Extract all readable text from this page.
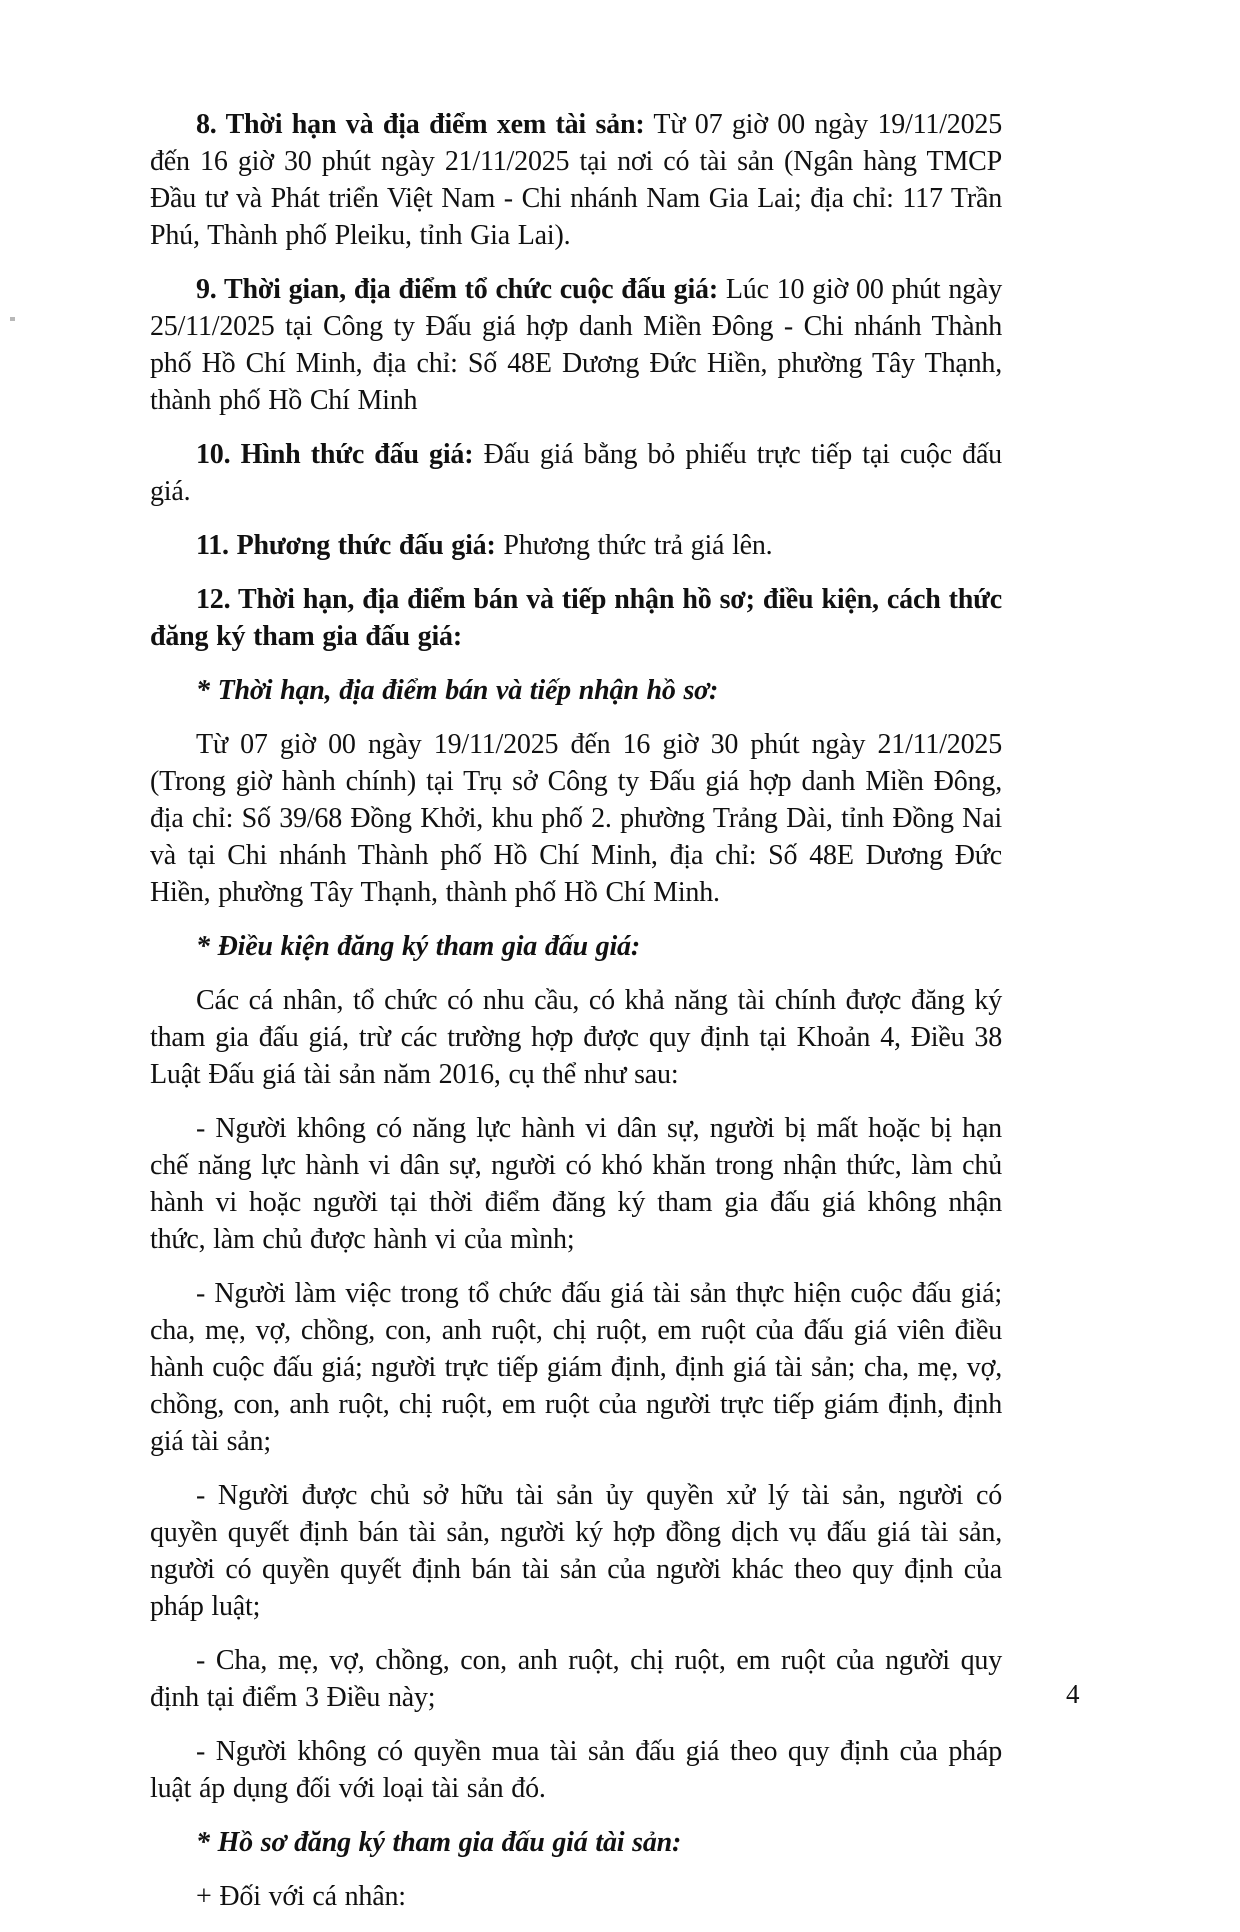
8. Thời hạn và địa điểm xem tài sản: Từ 07 giờ 00 ngày 19/11/2025 đến 16 giờ 30 phút ngày 21/11/2025 tại nơi có tài sản (Ngân hàng TMCP Đầu tư và Phát triển Việt Nam - Chi nhánh Nam Gia Lai; địa chỉ: 117 Trần Phú, Thành phố Pleiku, tỉnh Gia Lai).

9. Thời gian, địa điểm tổ chức cuộc đấu giá: Lúc 10 giờ 00 phút ngày 25/11/2025 tại Công ty Đấu giá hợp danh Miền Đông - Chi nhánh Thành phố Hồ Chí Minh, địa chỉ: Số 48E Dương Đức Hiền, phường Tây Thạnh, thành phố Hồ Chí Minh

10. Hình thức đấu giá: Đấu giá bằng bỏ phiếu trực tiếp tại cuộc đấu giá.

11. Phương thức đấu giá: Phương thức trả giá lên.

12. Thời hạn, địa điểm bán và tiếp nhận hồ sơ; điều kiện, cách thức đăng ký tham gia đấu giá:

* Thời hạn, địa điểm bán và tiếp nhận hồ sơ:

Từ 07 giờ 00 ngày 19/11/2025 đến 16 giờ 30 phút ngày 21/11/2025 (Trong giờ hành chính) tại Trụ sở Công ty Đấu giá hợp danh Miền Đông, địa chỉ: Số 39/68 Đồng Khởi, khu phố 2. phường Trảng Dài, tỉnh Đồng Nai và tại Chi nhánh Thành phố Hồ Chí Minh, địa chỉ: Số 48E Dương Đức Hiền, phường Tây Thạnh, thành phố Hồ Chí Minh.

* Điều kiện đăng ký tham gia đấu giá:

Các cá nhân, tổ chức có nhu cầu, có khả năng tài chính được đăng ký tham gia đấu giá, trừ các trường hợp được quy định tại Khoản 4, Điều 38 Luật Đấu giá tài sản năm 2016, cụ thể như sau:

- Người không có năng lực hành vi dân sự, người bị mất hoặc bị hạn chế năng lực hành vi dân sự, người có khó khăn trong nhận thức, làm chủ hành vi hoặc người tại thời điểm đăng ký tham gia đấu giá không nhận thức, làm chủ được hành vi của mình;

- Người làm việc trong tổ chức đấu giá tài sản thực hiện cuộc đấu giá; cha, mẹ, vợ, chồng, con, anh ruột, chị ruột, em ruột của đấu giá viên điều hành cuộc đấu giá; người trực tiếp giám định, định giá tài sản; cha, mẹ, vợ, chồng, con, anh ruột, chị ruột, em ruột của người trực tiếp giám định, định giá tài sản;

- Người được chủ sở hữu tài sản ủy quyền xử lý tài sản, người có quyền quyết định bán tài sản, người ký hợp đồng dịch vụ đấu giá tài sản, người có quyền quyết định bán tài sản của người khác theo quy định của pháp luật;

- Cha, mẹ, vợ, chồng, con, anh ruột, chị ruột, em ruột của người quy định tại điểm 3 Điều này;

- Người không có quyền mua tài sản đấu giá theo quy định của pháp luật áp dụng đối với loại tài sản đó.

* Hồ sơ đăng ký tham gia đấu giá tài sản:

+ Đối với cá nhân:

4
